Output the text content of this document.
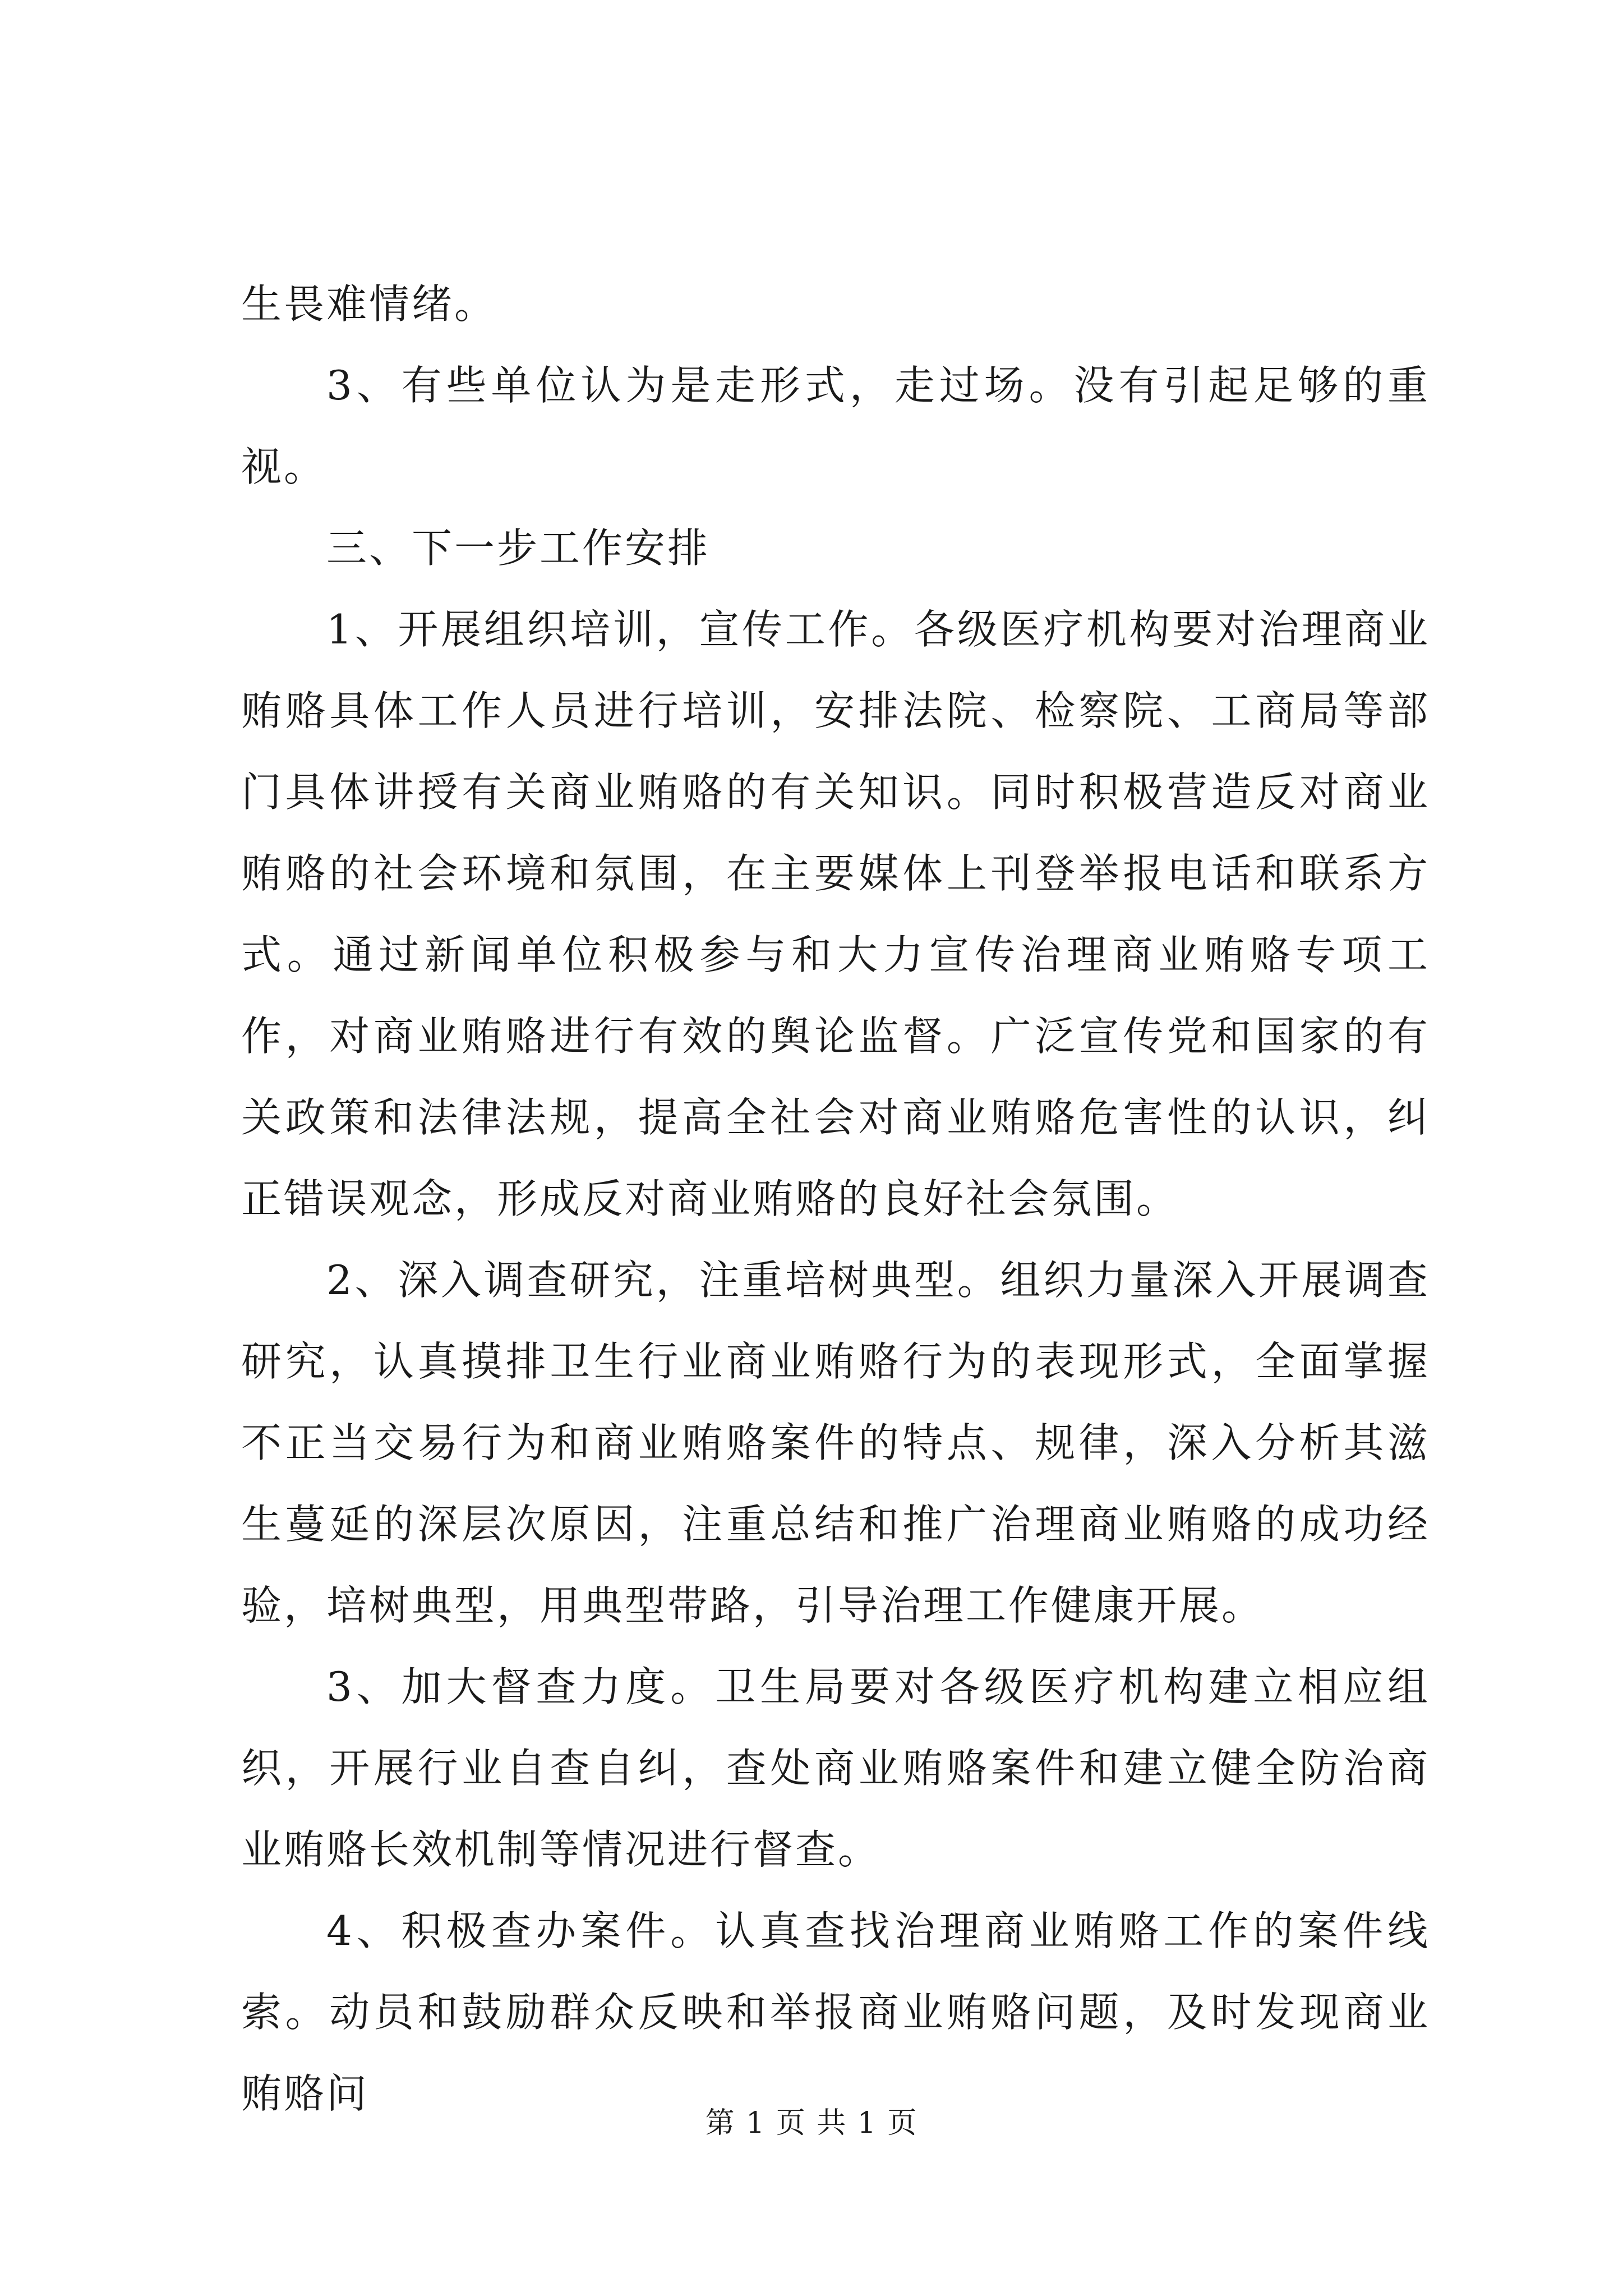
生畏难情绪。

3、有些单位认为是走形式，走过场。没有引起足够的重视。

三、下一步工作安排

1、开展组织培训，宣传工作。各级医疗机构要对治理商业贿赂具体工作人员进行培训，安排法院、检察院、工商局等部门具体讲授有关商业贿赂的有关知识。同时积极营造反对商业贿赂的社会环境和氛围，在主要媒体上刊登举报电话和联系方式。通过新闻单位积极参与和大力宣传治理商业贿赂专项工作，对商业贿赂进行有效的舆论监督。广泛宣传党和国家的有关政策和法律法规，提高全社会对商业贿赂危害性的认识，纠正错误观念，形成反对商业贿赂的良好社会氛围。

2、深入调查研究，注重培树典型。组织力量深入开展调查研究，认真摸排卫生行业商业贿赂行为的表现形式，全面掌握不正当交易行为和商业贿赂案件的特点、规律，深入分析其滋生蔓延的深层次原因，注重总结和推广治理商业贿赂的成功经验，培树典型，用典型带路，引导治理工作健康开展。

3、加大督查力度。卫生局要对各级医疗机构建立相应组织，开展行业自查自纠，查处商业贿赂案件和建立健全防治商业贿赂长效机制等情况进行督查。

4、积极查办案件。认真查找治理商业贿赂工作的案件线索。动员和鼓励群众反映和举报商业贿赂问题，及时发现商业贿赂问

第 1 页 共 1 页
